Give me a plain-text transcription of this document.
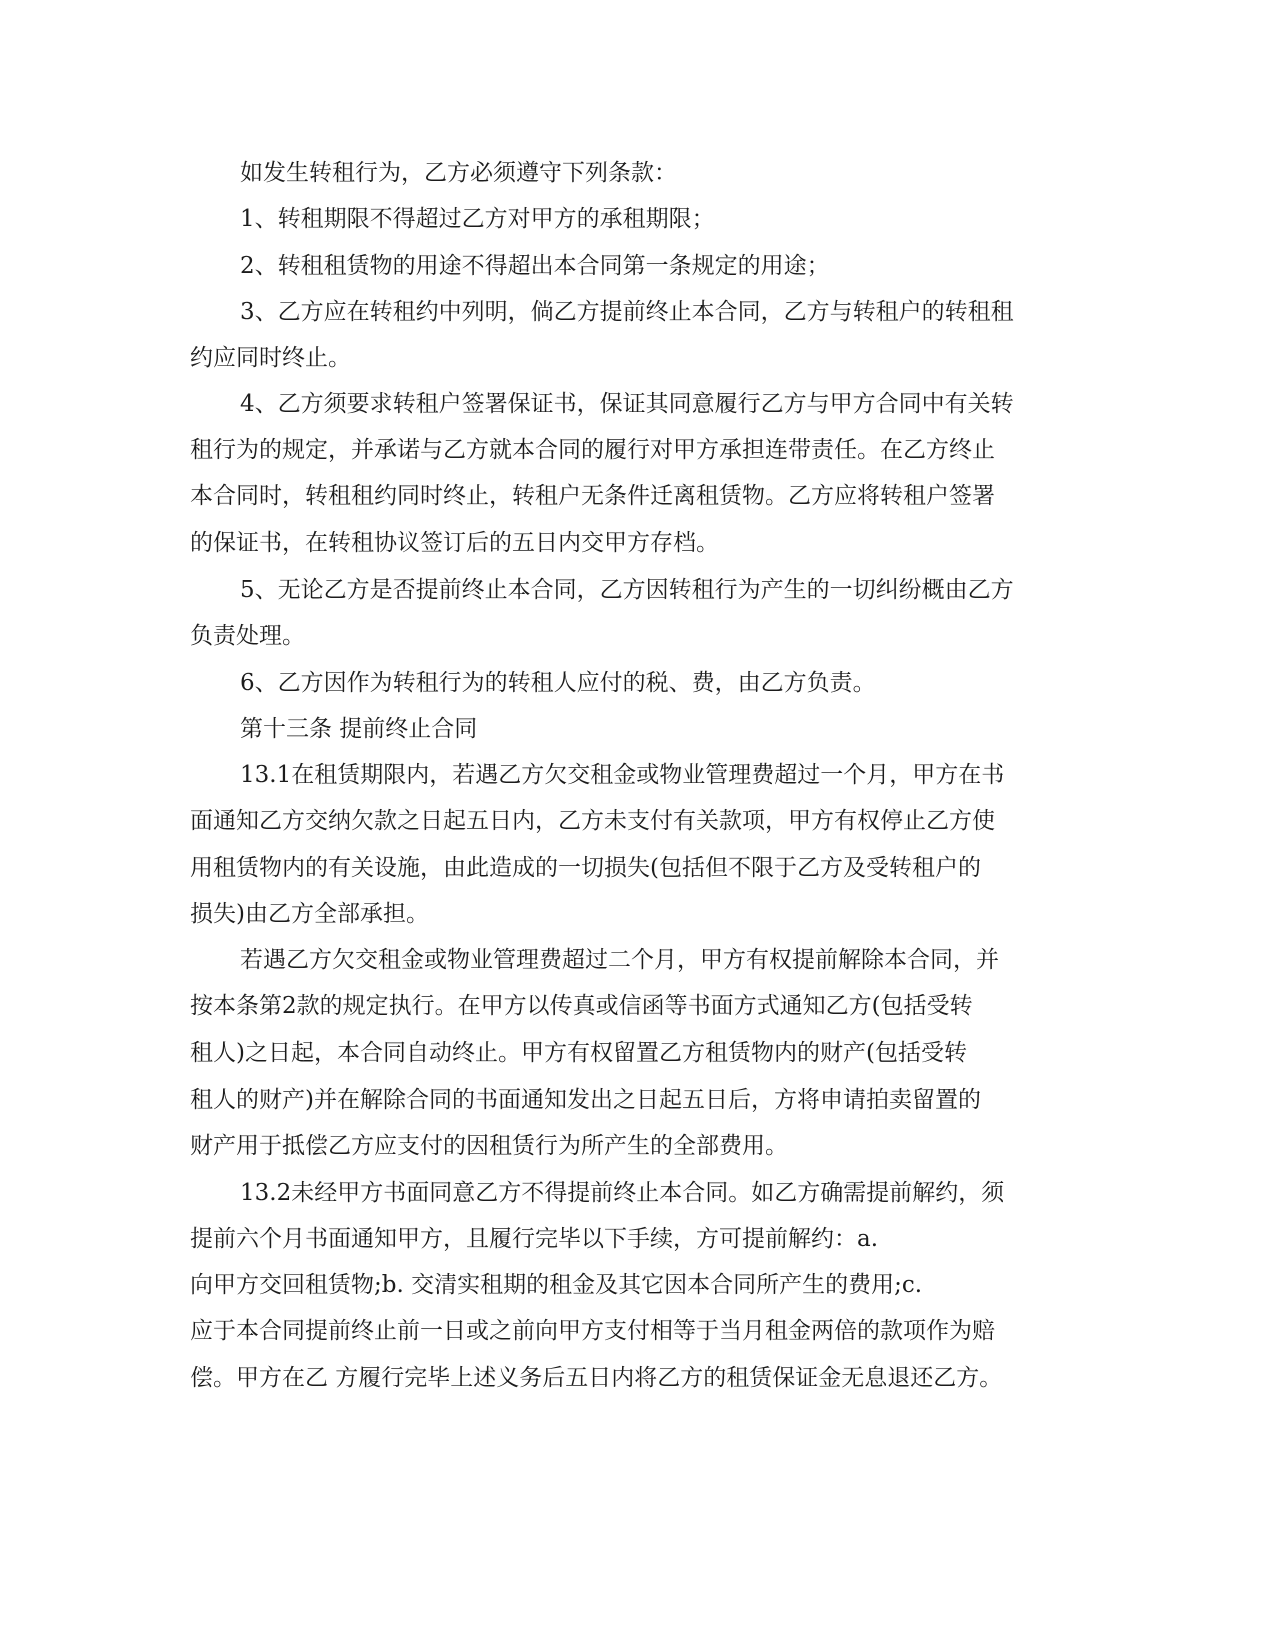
如发生转租行为，乙方必须遵守下列条款：
1、转租期限不得超过乙方对甲方的承租期限；
2、转租租赁物的用途不得超出本合同第一条规定的用途；
3、乙方应在转租约中列明，倘乙方提前终止本合同，乙方与转租户的转租租
约应同时终止。
4、乙方须要求转租户签署保证书，保证其同意履行乙方与甲方合同中有关转
租行为的规定，并承诺与乙方就本合同的履行对甲方承担连带责任。在乙方终止
本合同时，转租租约同时终止，转租户无条件迁离租赁物。乙方应将转租户签署
的保证书，在转租协议签订后的五日内交甲方存档。
5、无论乙方是否提前终止本合同，乙方因转租行为产生的一切纠纷概由乙方
负责处理。
6、乙方因作为转租行为的转租人应付的税、费，由乙方负责。
第十三条 提前终止合同
13.1在租赁期限内，若遇乙方欠交租金或物业管理费超过一个月，甲方在书
面通知乙方交纳欠款之日起五日内，乙方未支付有关款项，甲方有权停止乙方使
用租赁物内的有关设施，由此造成的一切损失(包括但不限于乙方及受转租户的
损失)由乙方全部承担。
若遇乙方欠交租金或物业管理费超过二个月，甲方有权提前解除本合同，并
按本条第2款的规定执行。在甲方以传真或信函等书面方式通知乙方(包括受转
租人)之日起，本合同自动终止。甲方有权留置乙方租赁物内的财产(包括受转
租人的财产)并在解除合同的书面通知发出之日起五日后，方将申请拍卖留置的
财产用于抵偿乙方应支付的因租赁行为所产生的全部费用。
13.2未经甲方书面同意乙方不得提前终止本合同。如乙方确需提前解约，须
提前六个月书面通知甲方，且履行完毕以下手续，方可提前解约：a.
向甲方交回租赁物;b. 交清实租期的租金及其它因本合同所产生的费用;c.
应于本合同提前终止前一日或之前向甲方支付相等于当月租金两倍的款项作为赔
偿。甲方在乙 方履行完毕上述义务后五日内将乙方的租赁保证金无息退还乙方。
